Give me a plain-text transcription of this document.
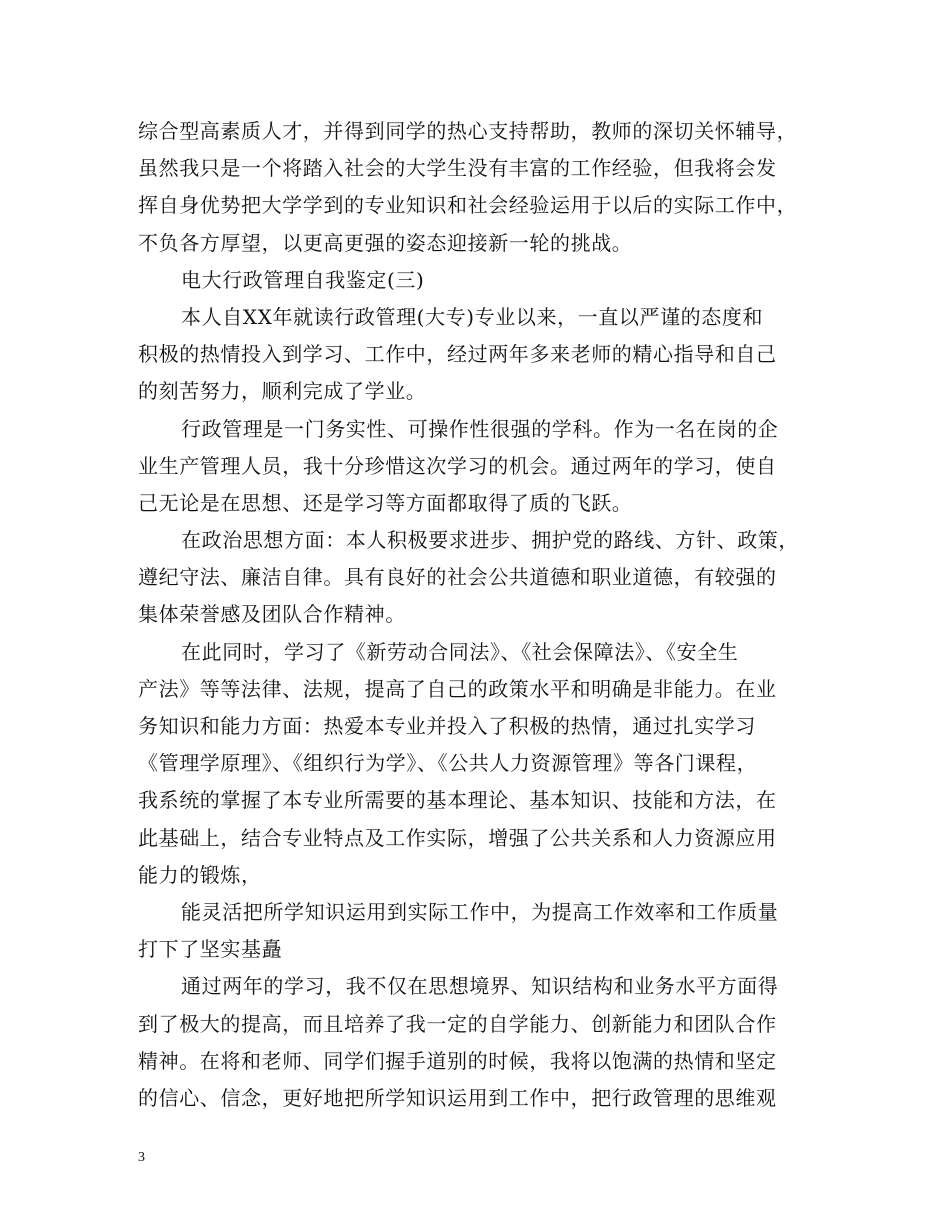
综合型高素质人才，并得到同学的热心支持帮助，教师的深切关怀辅导，
虽然我只是一个将踏入社会的大学生没有丰富的工作经验，但我将会发
挥自身优势把大学学到的专业知识和社会经验运用于以后的实际工作中，
不负各方厚望，以更高更强的姿态迎接新一轮的挑战。
电大行政管理自我鉴定(三)
本人自XX年就读行政管理(大专)专业以来，一直以严谨的态度和
积极的热情投入到学习、工作中，经过两年多来老师的精心指导和自己
的刻苦努力，顺利完成了学业。
行政管理是一门务实性、可操作性很强的学科。作为一名在岗的企
业生产管理人员，我十分珍惜这次学习的机会。通过两年的学习，使自
己无论是在思想、还是学习等方面都取得了质的飞跃。
在政治思想方面：本人积极要求进步、拥护党的路线、方针、政策，
遵纪守法、廉洁自律。具有良好的社会公共道德和职业道德，有较强的
集体荣誉感及团队合作精神。
在此同时，学习了《新劳动合同法》、《社会保障法》、《安全生
产法》等等法律、法规，提高了自己的政策水平和明确是非能力。在业
务知识和能力方面：热爱本专业并投入了积极的热情，通过扎实学习
《管理学原理》、《组织行为学》、《公共人力资源管理》等各门课程，
我系统的掌握了本专业所需要的基本理论、基本知识、技能和方法，在
此基础上，结合专业特点及工作实际，增强了公共关系和人力资源应用
能力的锻炼，
能灵活把所学知识运用到实际工作中，为提高工作效率和工作质量
打下了坚实基矗
通过两年的学习，我不仅在思想境界、知识结构和业务水平方面得
到了极大的提高，而且培养了我一定的自学能力、创新能力和团队合作
精神。在将和老师、同学们握手道别的时候，我将以饱满的热情和坚定
的信心、信念，更好地把所学知识运用到工作中，把行政管理的思维观
3
